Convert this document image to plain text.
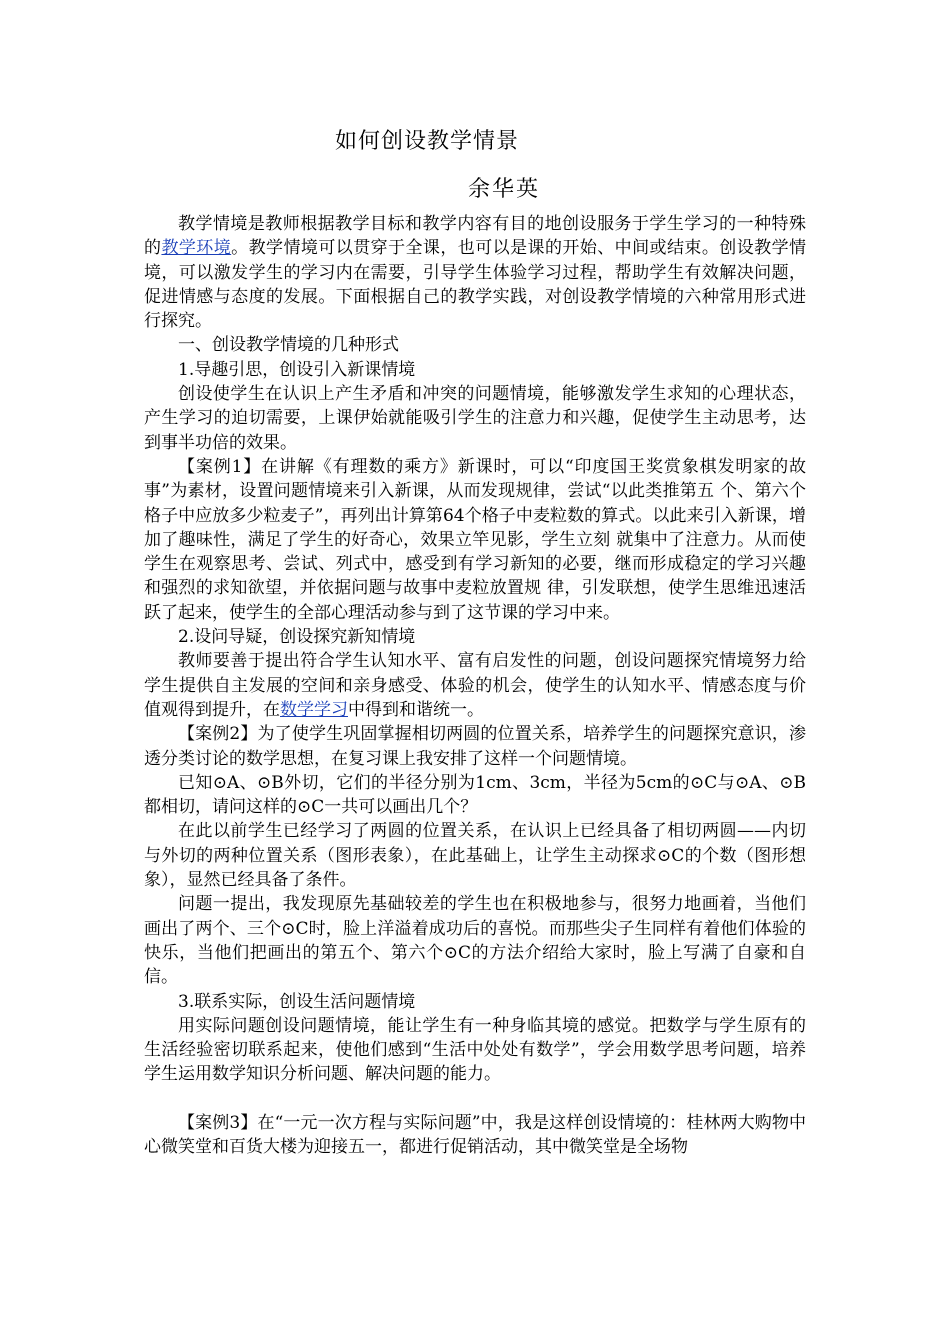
如何创设教学情景
余华英

教学情境是教师根据教学目标和教学内容有目的地创设服务于学生学习的一种特殊的教学环境。教学情境可以贯穿于全课，也可以是课的开始、中间或结束。创设教学情境，可以激发学生的学习内在需要，引导学生体验学习过程，帮助学生有效解决问题，促进情感与态度的发展。下面根据自己的教学实践，对创设教学情境的六种常用形式进行探究。

一、创设教学情境的几种形式

1.导趣引思，创设引入新课情境

创设使学生在认识上产生矛盾和冲突的问题情境，能够激发学生求知的心理状态，产生学习的迫切需要，上课伊始就能吸引学生的注意力和兴趣，促使学生主动思考，达到事半功倍的效果。

【案例1】在讲解《有理数的乘方》新课时，可以“印度国王奖赏象棋发明家的故事”为素材，设置问题情境来引入新课，从而发现规律，尝试“以此类推第五 个、第六个格子中应放多少粒麦子”，再列出计算第64个格子中麦粒数的算式。以此来引入新课，增加了趣味性，满足了学生的好奇心，效果立竿见影，学生立刻 就集中了注意力。从而使学生在观察思考、尝试、列式中，感受到有学习新知的必要，继而形成稳定的学习兴趣和强烈的求知欲望，并依据问题与故事中麦粒放置规 律，引发联想，使学生思维迅速活跃了起来，使学生的全部心理活动参与到了这节课的学习中来。

2.设问导疑，创设探究新知情境

教师要善于提出符合学生认知水平、富有启发性的问题，创设问题探究情境努力给学生提供自主发展的空间和亲身感受、体验的机会，使学生的认知水平、情感态度与价值观得到提升，在数学学习中得到和谐统一。

【案例2】为了使学生巩固掌握相切两圆的位置关系，培养学生的问题探究意识，渗透分类讨论的数学思想，在复习课上我安排了这样一个问题情境。

已知⊙A、⊙B外切，它们的半径分别为1cm、3cm，半径为5cm的⊙C与⊙A、⊙B都相切，请问这样的⊙C一共可以画出几个？

在此以前学生已经学习了两圆的位置关系，在认识上已经具备了相切两圆——内切与外切的两种位置关系（图形表象），在此基础上，让学生主动探求⊙C的个数（图形想象），显然已经具备了条件。

问题一提出，我发现原先基础较差的学生也在积极地参与，很努力地画着，当他们画出了两个、三个⊙C时，脸上洋溢着成功后的喜悦。而那些尖子生同样有着他们体验的快乐，当他们把画出的第五个、第六个⊙C的方法介绍给大家时，脸上写满了自豪和自信。

3.联系实际，创设生活问题情境

用实际问题创设问题情境，能让学生有一种身临其境的感觉。把数学与学生原有的生活经验密切联系起来，使他们感到“生活中处处有数学”，学会用数学思考问题，培养学生运用数学知识分析问题、解决问题的能力。

【案例3】在“一元一次方程与实际问题”中，我是这样创设情境的：桂林两大购物中心微笑堂和百货大楼为迎接五一，都进行促销活动，其中微笑堂是全场物
